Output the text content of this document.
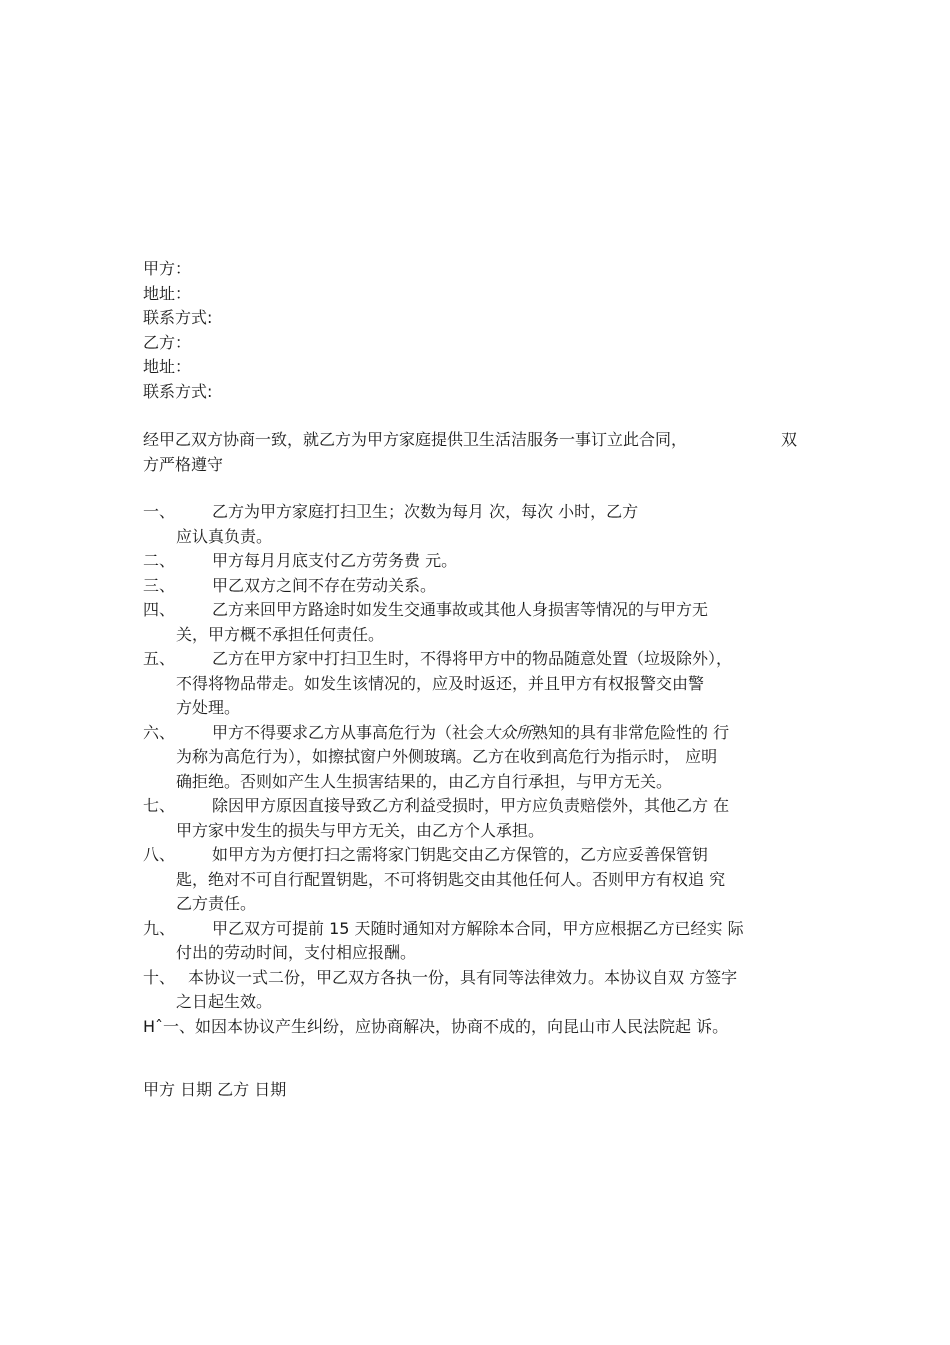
甲方：
地址：
联系方式:
乙方：
地址：
联系方式:
经甲乙双方协商一致，就乙方为甲方家庭提供卫生活洁服务一事订立此合同，	双
方严格遵守
一、	乙方为甲方家庭打扫卫生；次数为每月 次，每次 小时，乙方
应认真负责。
二、	甲方每月月底支付乙方劳务费 元。
三、	甲乙双方之间不存在劳动关系。
四、	乙方来回甲方路途时如发生交通事故或其他人身损害等情况的与甲方无
关，甲方概不承担任何责任。
五、	乙方在甲方家中打扫卫生时，不得将甲方中的物品随意处置（垃圾除外），
不得将物品带走。如发生该情况的，应及时返还，并且甲方有权报警交由警
方处理。
六、	甲方不得要求乙方从事高危行为（社会大众所熟知的具有非常危险性的 行
为称为高危行为），如擦拭窗户外侧玻璃。乙方在收到高危行为指示时， 应明
确拒绝。否则如产生人生损害结果的，由乙方自行承担，与甲方无关。
七、	除因甲方原因直接导致乙方利益受损时，甲方应负责赔偿外，其他乙方 在
甲方家中发生的损失与甲方无关，由乙方个人承担。
八、	如甲方为方便打扫之需将家门钥匙交由乙方保管的，乙方应妥善保管钥
匙，绝对不可自行配置钥匙，不可将钥匙交由其他任何人。否则甲方有权追 究
乙方责任。
九、	甲乙双方可提前 15 天随时通知对方解除本合同，甲方应根据乙方已经实 际
付出的劳动时间，支付相应报酬。
十、 本协议一式二份，甲乙双方各执一份，具有同等法律效力。本协议自双 方签字
之日起生效。
Hˆ一、如因本协议产生纠纷，应协商解决，协商不成的，向昆山市人民法院起 诉。
甲方 日期 乙方 日期
